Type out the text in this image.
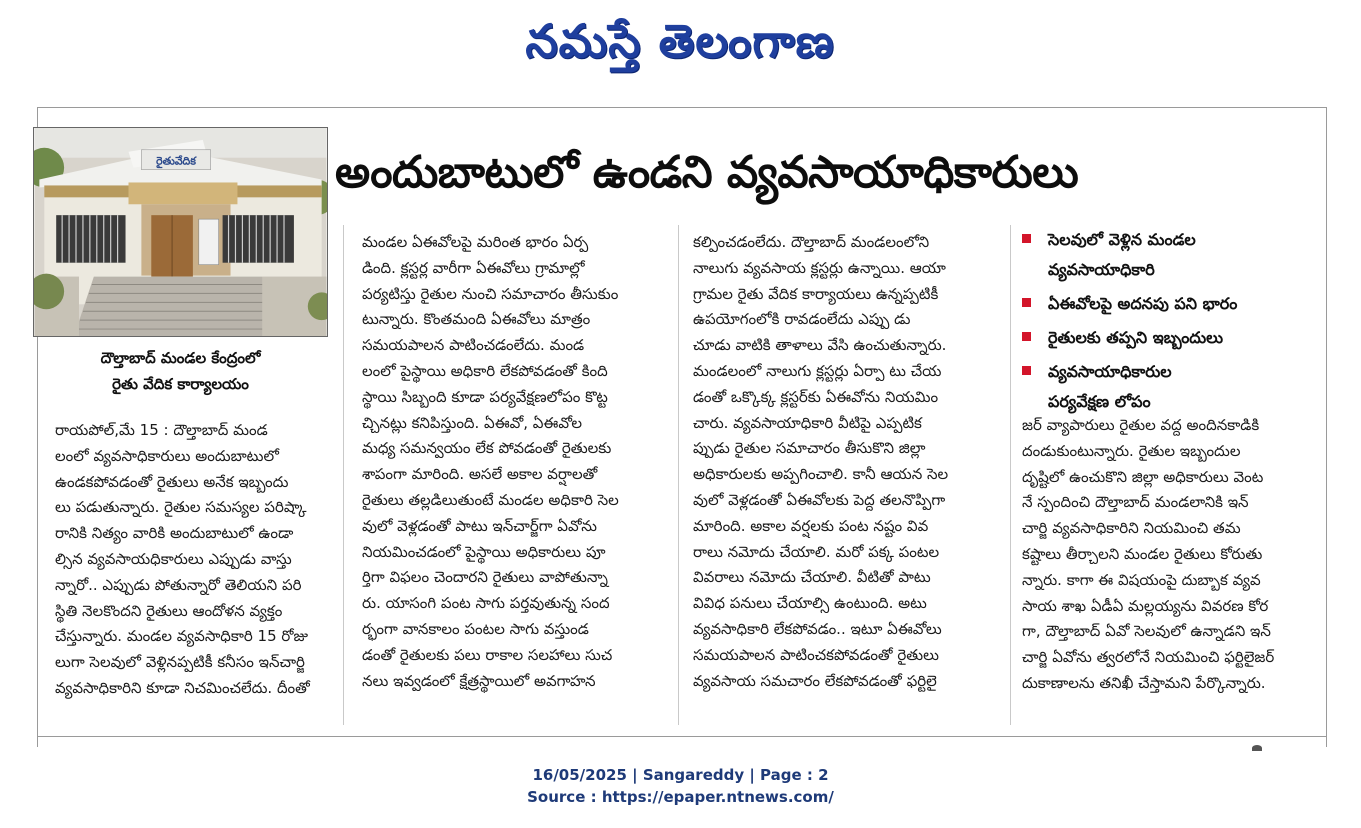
నమస్తే తెలంగాణ
రైతువేదిక
దౌల్తాబాద్ మండల కేంద్రంలో
రైతు వేదిక కార్యాలయం
అందుబాటులో ఉండని వ్యవసాయాధికారులు
రాయపోల్,మే 15 : దౌల్తాబాద్ మండ
లంలో వ్యవసాధికారులు అందుబాటులో
ఉండకపోవడంతో రైతులు అనేక ఇబ్బందు
లు పడుతున్నారు. రైతుల సమస్యల పరిష్కా
రానికి నిత్యం వారికి అందుబాటులో ఉండా
ల్సిన వ్యవసాయధికారులు ఎప్పుడు వాస్తు
న్నారో.. ఎప్పుడు పోతున్నారో తెలియని పరి
స్థితి నెలకొందని రైతులు ఆందోళన వ్యక్తం
చేస్తున్నారు. మండల వ్యవసాధికారి 15 రోజు
లుగా సెలవులో వెళ్లినప్పటికీ కనీసం ఇన్‌చార్జి
వ్యవసాధికారిని కూడా నిచమించలేదు. దీంతో
మండల ఏఈవోలపై మరింత భారం ఏర్ప
డింది. క్లస్టర్ల వారీగా ఏఈవోలు గ్రామాల్లో
పర్యటిస్తు రైతుల నుంచి సమాచారం తీసుకుం
టున్నారు. కొంతమంది ఏఈవోలు మాత్రం
సమయపాలన పాటించడంలేదు. మండ
లంలో పైస్థాయి అధికారి లేకపోవడంతో కింది
స్థాయి సిబ్బంది కూడా పర్యవేక్షణలోపం కొట్ట
చ్చినట్లు కనిపిస్తుంది. ఏఈవో, ఏఈవోల
మధ్య సమన్వయం లేక పోవడంతో రైతులకు
శాపంగా మారింది. అసలే అకాల వర్షాలతో
రైతులు తల్లడిలుతుంటే మండల అధికారి సెల
వులో వెళ్లడంతో పాటు ఇన్‌చార్జ్‌గా ఏవోను
నియమించడంలో పైస్థాయి అధికారులు పూ
ర్తిగా విఫలం చెందారని రైతులు వాపోతున్నా
రు. యాసంగి పంట సాగు పర్తవుతున్న సంద
ర్భంగా వానకాలం పంటల సాగు వస్తుండ
డంతో రైతులకు పలు రాకాల సలహాలు సుచ
నలు ఇవ్వడంలో క్షేత్రస్థాయిలో అవగాహన
కల్పించడంలేదు. దౌల్తాబాద్ మండలంలోని
నాలుగు వ్యవసాయ క్లస్టర్లు ఉన్నాయి. ఆయా
గ్రామల రైతు వేదిక కార్యాయలు ఉన్నప్పటికీ
ఉపయోగంలోకి రావడంలేదు ఎప్పు డు
చూడు వాటికి తాళాలు వేసి ఉంచుతున్నారు.
మండలంలో నాలుగు క్లస్టర్లు ఏర్పా టు చేయ
డంతో ఒక్కొక్క క్లస్టర్‌కు ఏఈవోను నియమిం
చారు. వ్యవసాయాధికారి వీటిపై ఎప్పటిక
ప్పుడు రైతుల సమాచారం తీసుకొని జిల్లా
అధికారులకు అప్పగించాలి. కానీ ఆయన సెల
వులో వెళ్లడంతో ఏఈవోలకు పెద్ద తలనొప్పిగా
మారింది. అకాల వర్షలకు పంట నష్టం వివ
రాలు నమోదు చేయాలి. మరో పక్క పంటల
వివరాలు నమోదు చేయాలి. వీటితో పాటు
వివిధ పనులు చేయాల్సి ఉంటుంది. అటు
వ్యవసాధికారి లేకపోవడం.. ఇటూ ఏఈవోలు
సమయపాలన పాటించకపోవడంతో రైతులు
వ్యవసాయ సమచారం లేకపోవడంతో ఫర్టిలై
సెలవులో వెళ్లిన మండల
వ్యవసాయాధికారి
ఏఈవోలపై అదనపు పని భారం
రైతులకు తప్పని ఇబ్బందులు
వ్యవసాయాధికారుల
పర్యవేక్షణ లోపం
జర్ వ్యాపారులు రైతుల వద్ద అందినకాడికి
దండుకుంటున్నారు. రైతుల ఇబ్బందుల
దృష్టిలో ఉంచుకొని జిల్లా అధికారులు వెంట
నే స్పందించి దౌల్తాబాద్ మండలానికి ఇన్
చార్జి వ్యవసాధికారిని నియమించి తమ
కష్టాలు తీర్చాలని మండల రైతులు కోరుతు
న్నారు. కాగా ఈ విషయంపై దుబ్బాక వ్యవ
సాయ శాఖ ఏడీఏ మల్లయ్యను వివరణ కోర
గా, దౌల్తాబాద్ ఏవో సెలవులో ఉన్నాడని ఇన్
చార్జి ఏవోను త్వరలోనే నియమించి ఫర్టిలైజర్
దుకాణాలను తనిఖీ చేస్తామని పేర్కొన్నారు.
16/05/2025 | Sangareddy | Page : 2
Source : https://epaper.ntnews.com/
